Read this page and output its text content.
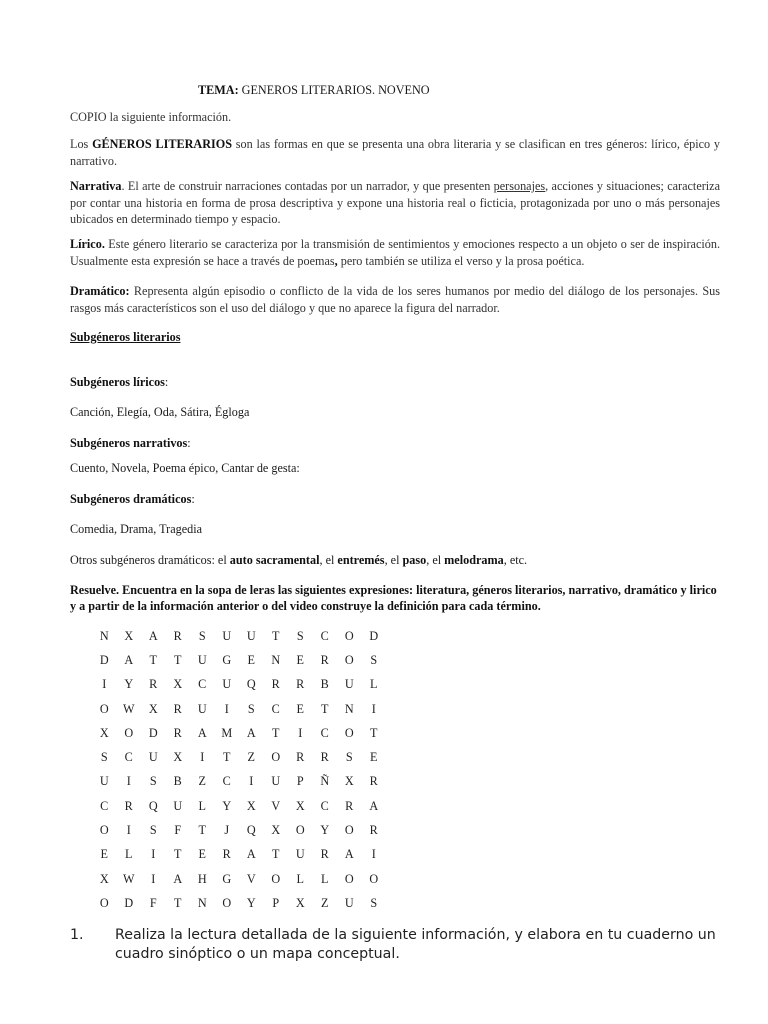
TEMA: GENEROS LITERARIOS. NOVENO

COPIO la siguiente información.

Los GÉNEROS LITERARIOS son las formas en que se presenta una obra literaria y se clasifican en tres géneros: lírico, épico y narrativo.

Narrativa. El arte de construir narraciones contadas por un narrador, y que presenten personajes, acciones y situaciones; caracteriza por contar una historia en forma de prosa descriptiva y expone una historia real o ficticia, protagonizada por uno o más personajes ubicados en determinado tiempo y espacio.

Lírico. Este género literario se caracteriza por la transmisión de sentimientos y emociones respecto a un objeto o ser de inspiración. Usualmente esta expresión se hace a través de poemas, pero también se utiliza el verso y la prosa poética.

Dramático: Representa algún episodio o conflicto de la vida de los seres humanos por medio del diálogo de los personajes. Sus rasgos más característicos son el uso del diálogo y que no aparece la figura del narrador.

Subgéneros literarios

Subgéneros líricos:

Canción, Elegía, Oda, Sátira, Égloga

Subgéneros narrativos:

Cuento, Novela, Poema épico, Cantar de gesta:

Subgéneros dramáticos:

Comedia, Drama, Tragedia

Otros subgéneros dramáticos: el auto sacramental, el entremés, el paso, el melodrama, etc.

Resuelve. Encuentra en la sopa de leras las siguientes expresiones: literatura, géneros literarios, narrativo, dramático y lirico y a partir de la información anterior o del video construye la definición para cada término.

N	X	A	R	S	U	U	T	S	C	O	D
D	A	T	T	U	G	E	N	E	R	O	S
I	Y	R	X	C	U	Q	R	R	B	U	L
O	W	X	R	U	I	S	C	E	T	N	I
X	O	D	R	A	M	A	T	I	C	O	T
S	C	U	X	I	T	Z	O	R	R	S	E
U	I	S	B	Z	C	I	U	P	Ñ	X	R
C	R	Q	U	L	Y	X	V	X	C	R	A
O	I	S	F	T	J	Q	X	O	Y	O	R
E	L	I	T	E	R	A	T	U	R	A	I
X	W	I	A	H	G	V	O	L	L	O	O
O	D	F	T	N	O	Y	P	X	Z	U	S
1. Realiza la lectura detallada de la siguiente información, y elabora en tu cuaderno un cuadro sinóptico o un mapa conceptual.
